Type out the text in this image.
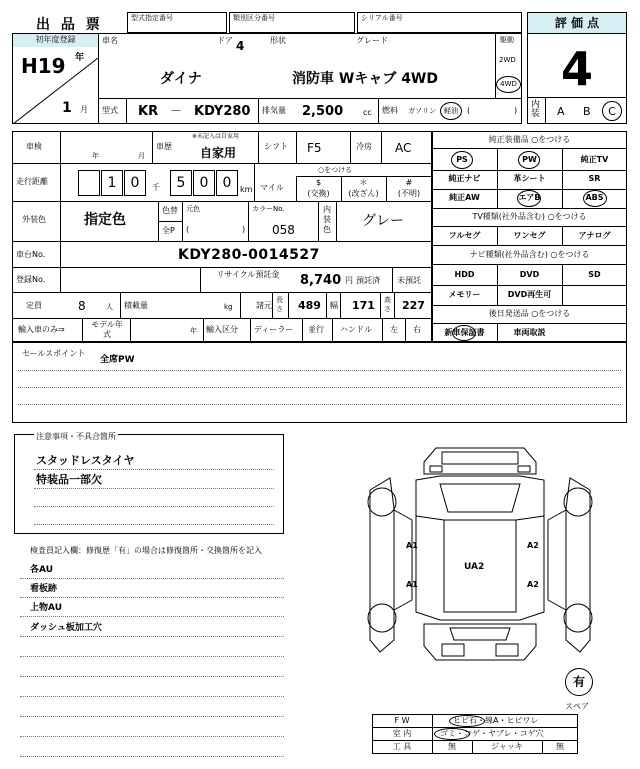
出 品 票	型式指定番号	類別区分番号	シリアル番号	評 価 点
4
内装 A B	C
初年度登録
H19 年
1 月
車名	ドア 4	形状	グレード	駆動
2WD
4WD
ダイナ	消防車 Wキャブ 4WD
型式 KR － KDY280 排気量 2,500 cc 燃料 ガソリン	軽油	(	)
車検
年	月
車歴
※未記入は自家用
自家用	シフト F5	冷房 AC
走行距離	1	0	千	5	0	0	km
○をつける
マイル
$
(交換)
＊
(改ざん)
#
(不明)
外装色	指定色
色替
全P
元色
(	)
カラーNo.
058
内装色
グレー
車台No.	KDY280-0014527
登録No.
リサイクル預託金 8,740 円 預託済 未預託
定員	8	人 積載量	kg	諸元
長さ 489 幅 171 高さ 227
輸入車のみ⇒
モデル年式	年 輸入区分 ディーラー 並行 ハンドル 左 右
純正装備品 ○をつける
PS	PW	純正TV
純正ナビ	革シート	SR
純正AW	エアB	ABS
TV種類(社外品含む) ○をつける
フルセグ	ワンセグ	アナログ
ナビ種類(社外品含む) ○をつける
HDD	DVD	SD
メモリー	DVD再生可
後日発送品 ○をつける
新車保証書	車両取説
セールスポイント
全席PW
注意事項・不具合箇所
スタッドレスタイヤ
特装品一部欠
検査員記入欄：修復歴「有」の場合は修復箇所・交換箇所を記入
各AU
看板跡
上物AU
ダッシュ板加工穴
A1	A2
UA2
A1	A2
有
スペア
F W	ヒビ石・線A・ヒビワレ
室 内	ゴミ・コゲ・ヤブレ・コゲ穴
工 具	無	ジャッキ	無
